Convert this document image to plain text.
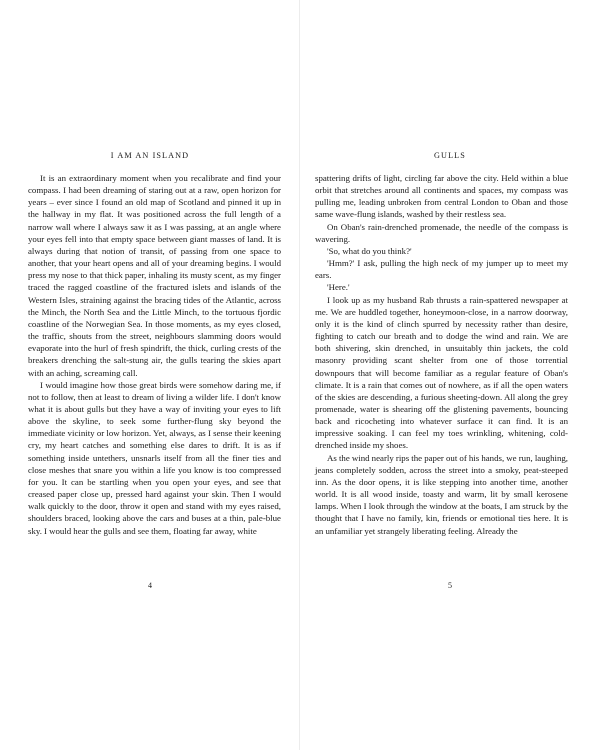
I AM AN ISLAND

It is an extraordinary moment when you recalibrate and find your compass. I had been dreaming of staring out at a raw, open horizon for years – ever since I found an old map of Scotland and pinned it up in the hallway in my flat. It was positioned across the full length of a narrow wall where I always saw it as I was passing, at an angle where your eyes fell into that empty space between giant masses of land. It is always during that notion of transit, of passing from one space to another, that your heart opens and all of your dreaming begins. I would press my nose to that thick paper, inhaling its musty scent, as my finger traced the ragged coastline of the fractured islets and islands of the Western Isles, straining against the bracing tides of the Atlantic, across the Minch, the North Sea and the Little Minch, to the tortuous fjordic coastline of the Norwegian Sea. In those moments, as my eyes closed, the traffic, shouts from the street, neighbours slamming doors would evaporate into the hurl of fresh spindrift, the thick, curling crests of the breakers drenching the salt-stung air, the gulls tearing the skies apart with an aching, screaming call.

I would imagine how those great birds were somehow daring me, if not to follow, then at least to dream of living a wilder life. I don't know what it is about gulls but they have a way of inviting your eyes to lift above the skyline, to seek some further-flung sky beyond the immediate vicinity or low horizon. Yet, always, as I sense their keening cry, my heart catches and something else dares to drift. It is as if something inside untethers, unsnarls itself from all the finer ties and close meshes that snare you within a life you know is too compressed for you. It can be startling when you open your eyes, and see that creased paper close up, pressed hard against your skin. Then I would walk quickly to the door, throw it open and stand with my eyes raised, shoulders braced, looking above the cars and buses at a thin, pale-blue sky. I would hear the gulls and see them, floating far away, white

4

GULLS

spattering drifts of light, circling far above the city. Held within a blue orbit that stretches around all continents and spaces, my compass was pulling me, leading unbroken from central London to Oban and those same wave-flung islands, washed by their restless sea.

On Oban's rain-drenched promenade, the needle of the compass is wavering.

'So, what do you think?'

'Hmm?' I ask, pulling the high neck of my jumper up to meet my ears.

'Here.'

I look up as my husband Rab thrusts a rain-spattered newspaper at me. We are huddled together, honeymoon-close, in a narrow doorway, only it is the kind of clinch spurred by necessity rather than desire, fighting to catch our breath and to dodge the wind and rain. We are both shivering, skin drenched, in unsuitably thin jackets, the cold masonry providing scant shelter from one of those torrential downpours that will become familiar as a regular feature of Oban's climate. It is a rain that comes out of nowhere, as if all the open waters of the skies are descending, a furious sheeting-down. All along the grey promenade, water is shearing off the glistening pavements, bouncing back and ricocheting into whatever surface it can find. It is an impressive soaking. I can feel my toes wrinkling, whitening, cold-drenched inside my shoes.

As the wind nearly rips the paper out of his hands, we run, laughing, jeans completely sodden, across the street into a smoky, peat-steeped inn. As the door opens, it is like stepping into another time, another world. It is all wood inside, toasty and warm, lit by small kerosene lamps. When I look through the window at the boats, I am struck by the thought that I have no family, kin, friends or emotional ties here. It is an unfamiliar yet strangely liberating feeling. Already the

5
